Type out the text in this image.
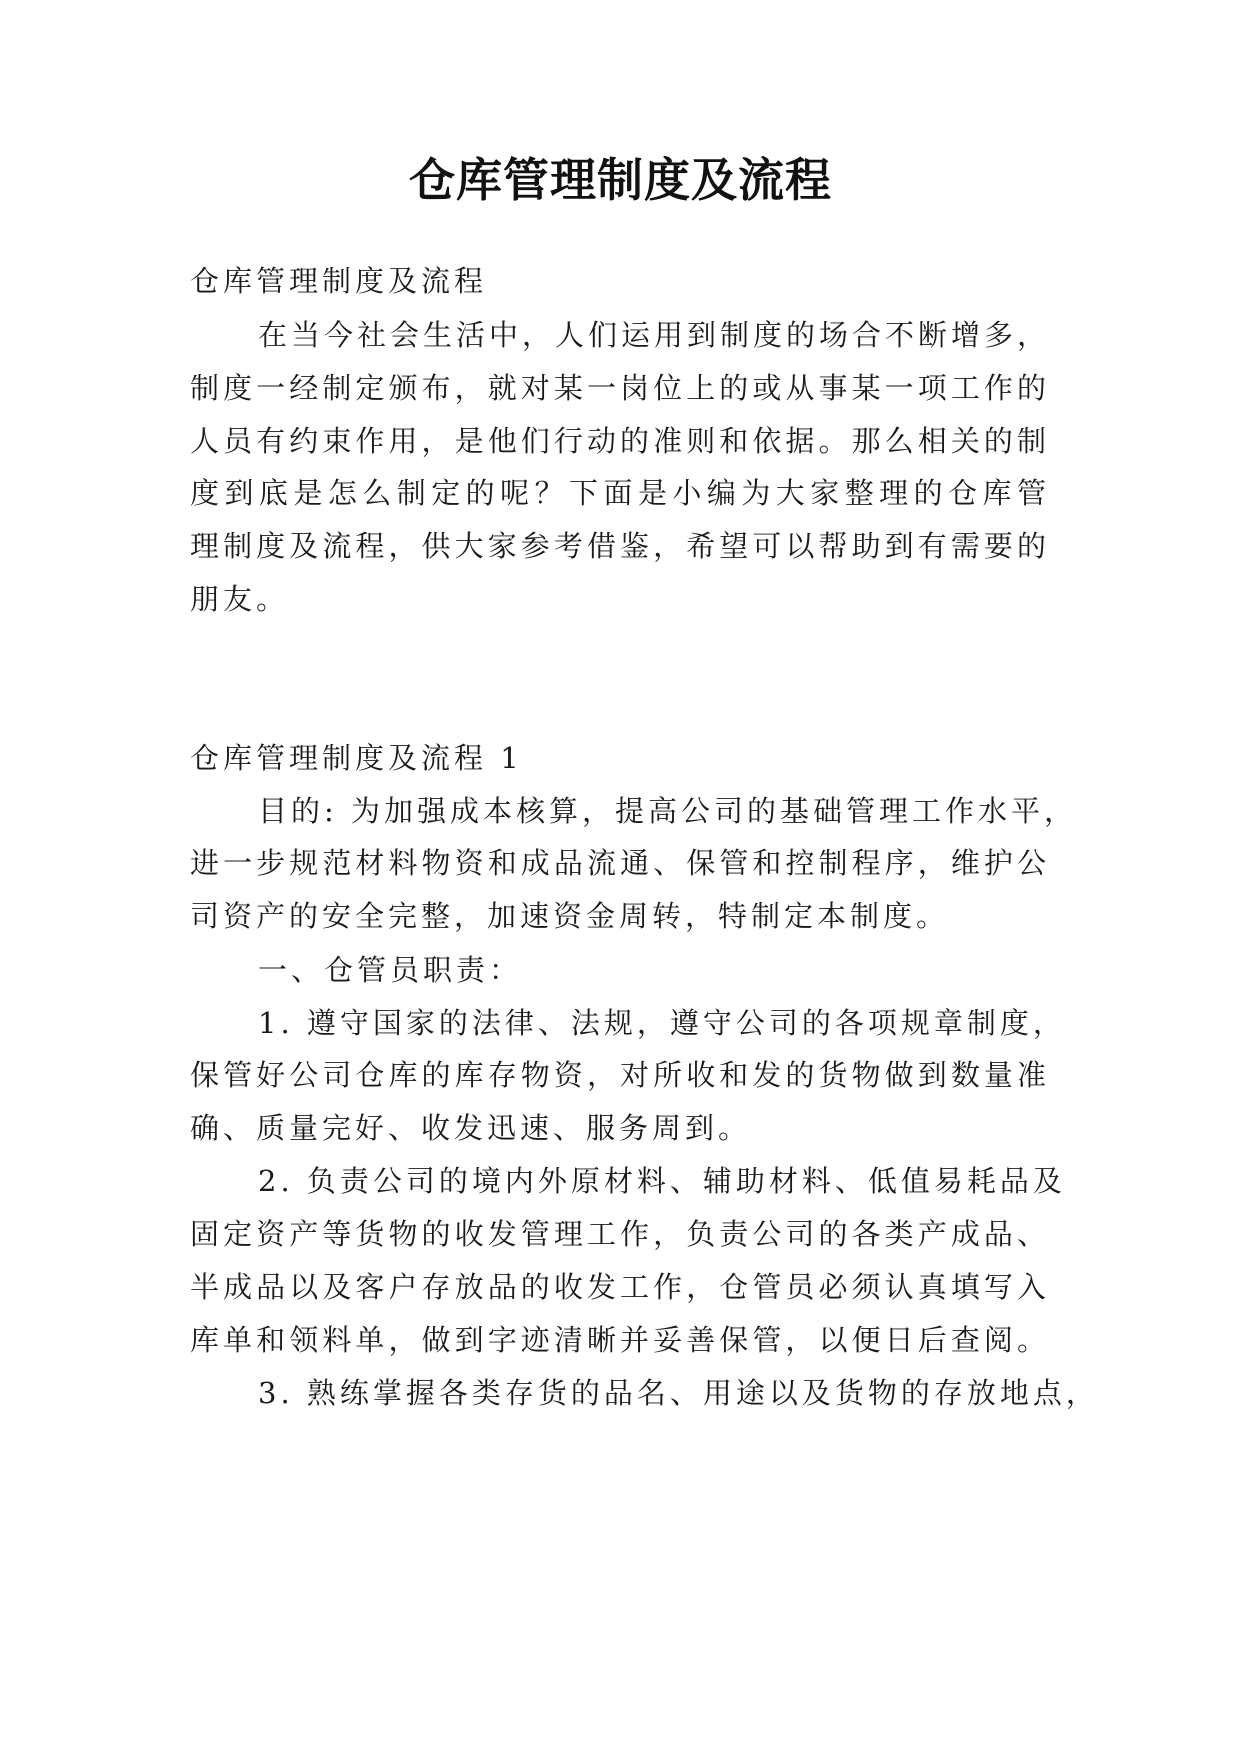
仓库管理制度及流程
仓库管理制度及流程
在当今社会生活中，人们运用到制度的场合不断增多，
制度一经制定颁布，就对某一岗位上的或从事某一项工作的
人员有约束作用，是他们行动的准则和依据。那么相关的制
度到底是怎么制定的呢？下面是小编为大家整理的仓库管
理制度及流程，供大家参考借鉴，希望可以帮助到有需要的
朋友。
仓库管理制度及流程 1
目的: 为加强成本核算，提高公司的基础管理工作水平，
进一步规范材料物资和成品流通、保管和控制程序，维护公
司资产的安全完整，加速资金周转，特制定本制度。
一、仓管员职责：
1. 遵守国家的法律、法规，遵守公司的各项规章制度，
保管好公司仓库的库存物资，对所收和发的货物做到数量准
确、质量完好、收发迅速、服务周到。
2. 负责公司的境内外原材料、辅助材料、低值易耗品及
固定资产等货物的收发管理工作，负责公司的各类产成品、
半成品以及客户存放品的收发工作，仓管员必须认真填写入
库单和领料单，做到字迹清晰并妥善保管，以便日后查阅。
3. 熟练掌握各类存货的品名、用途以及货物的存放地点，
